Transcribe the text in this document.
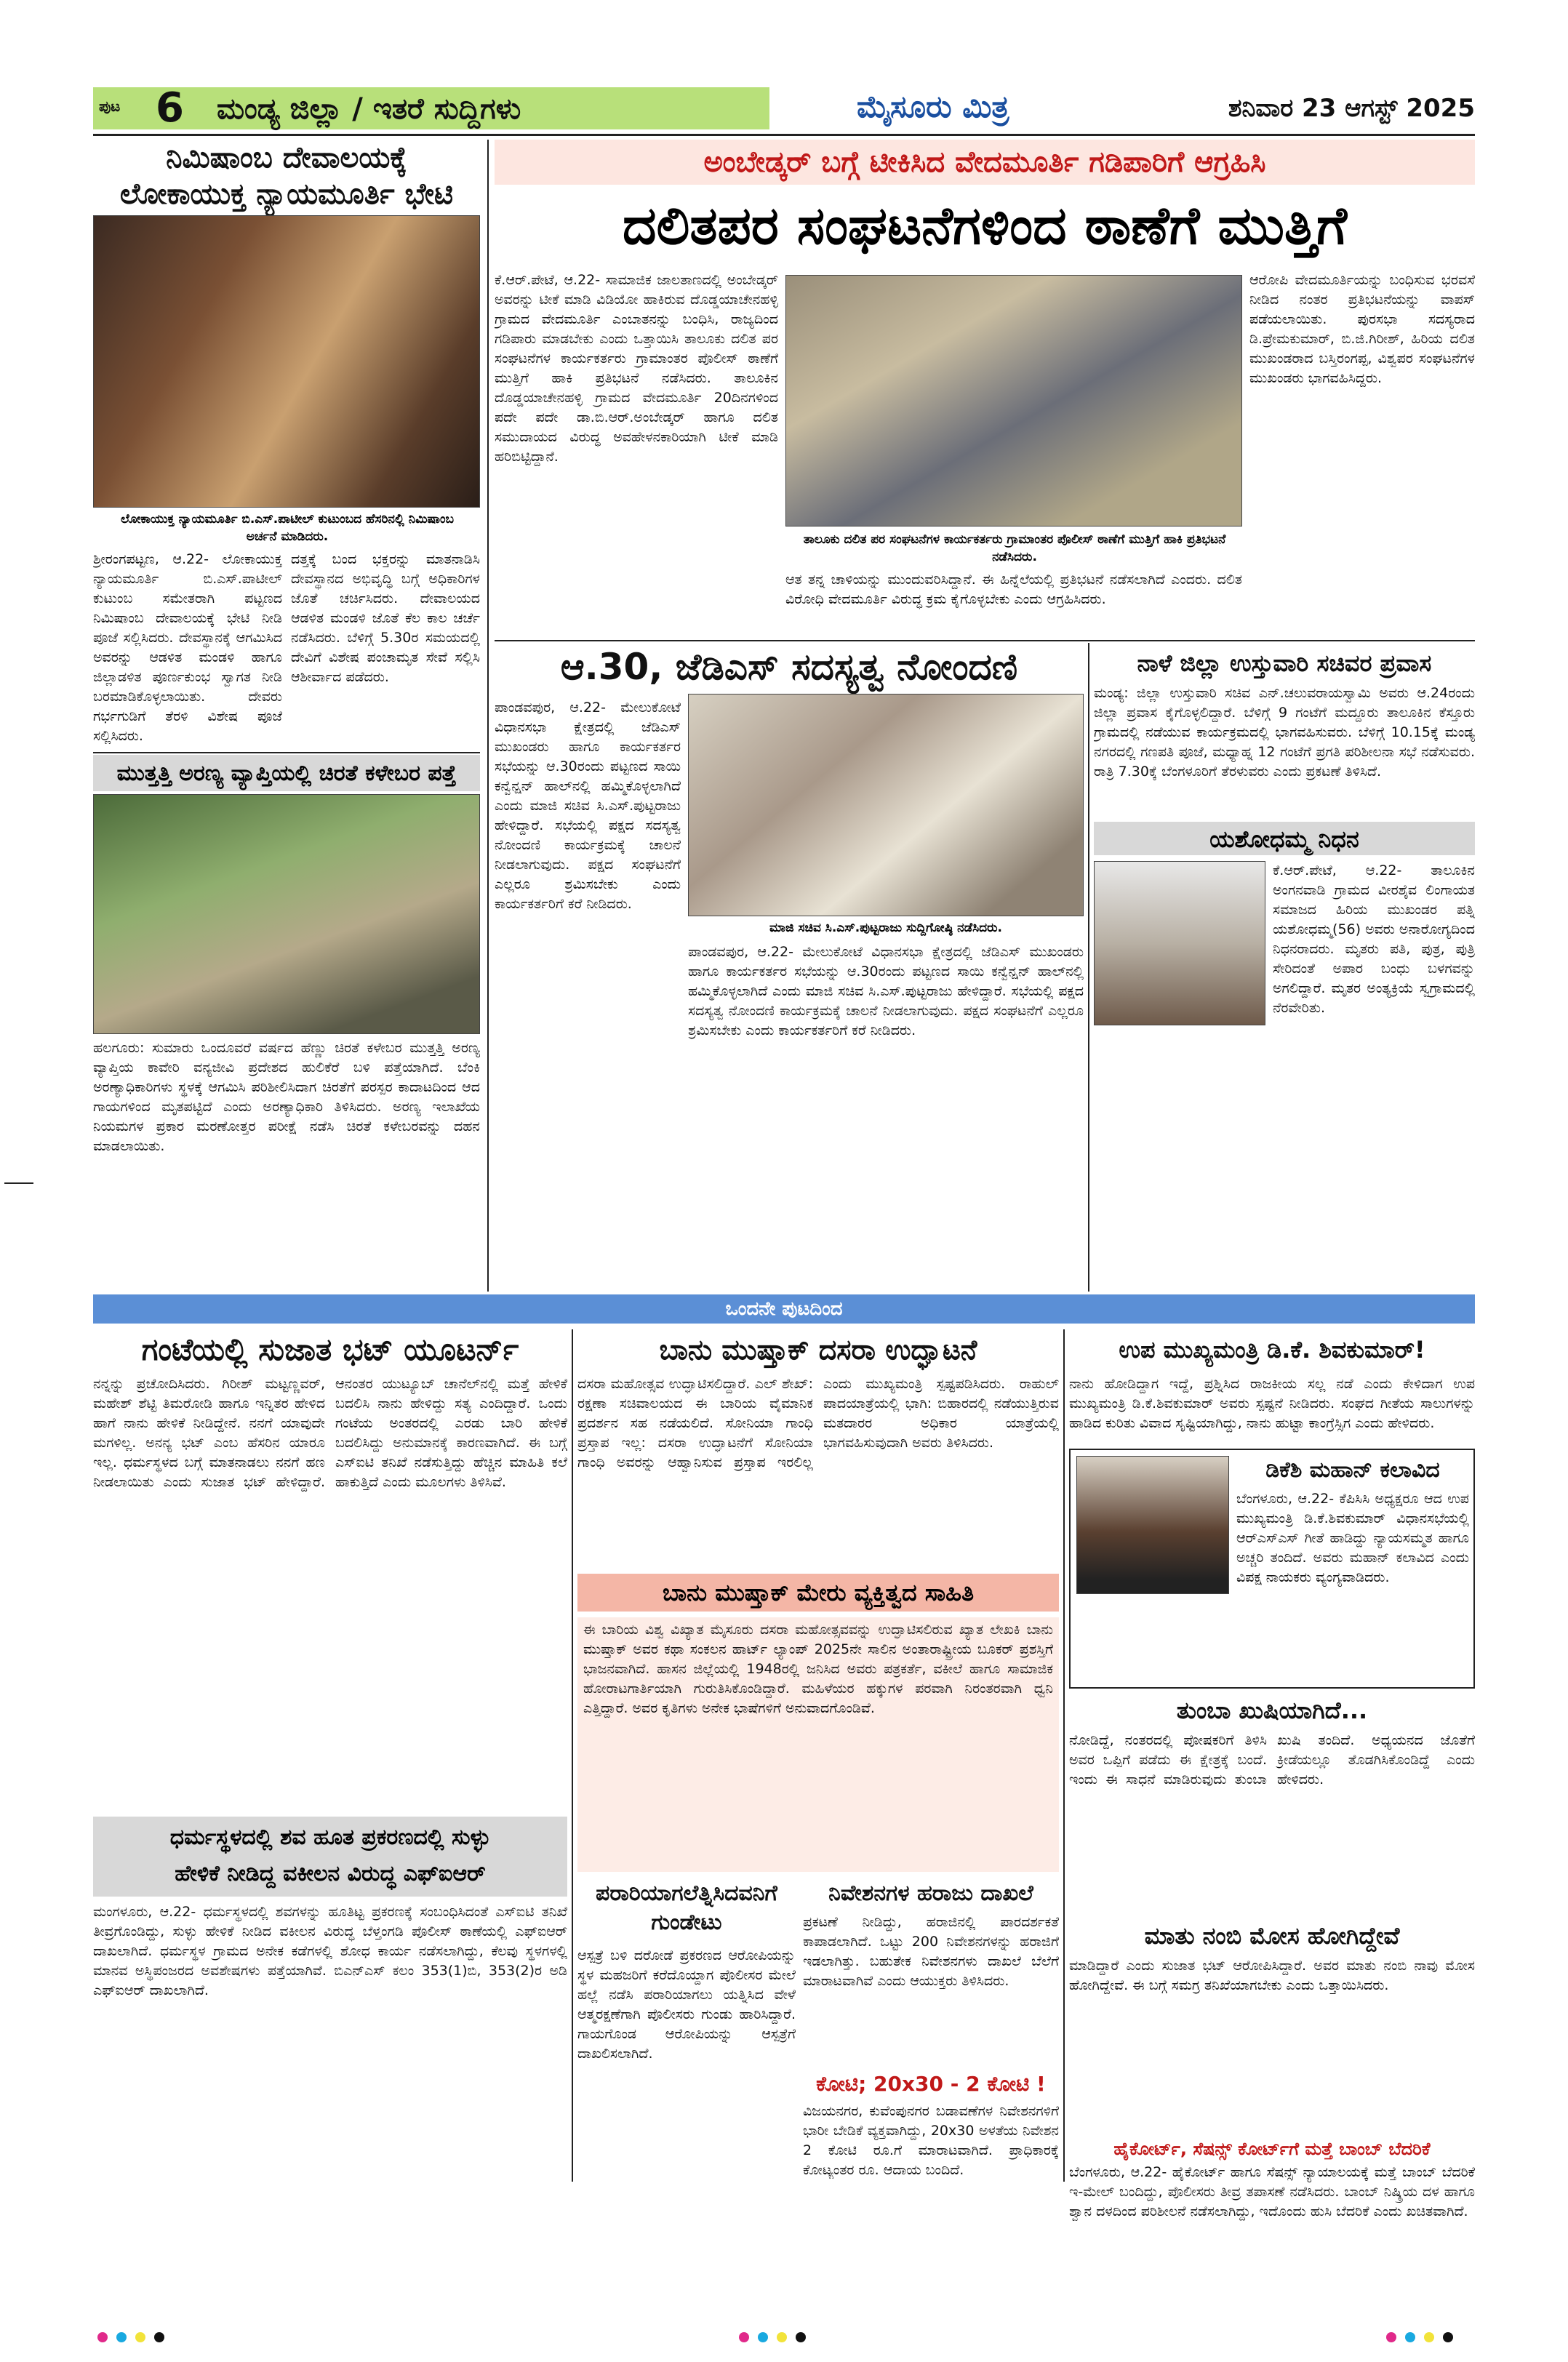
ಪುಟ 6 ಮಂಡ್ಯ ಜಿಲ್ಲಾ / ಇತರೆ ಸುದ್ದಿಗಳು	ಮೈಸೂರು ಮಿತ್ರ	ಶನಿವಾರ 23 ಆಗಸ್ಟ್ 2025
ನಿಮಿಷಾಂಬ ದೇವಾಲಯಕ್ಕೆ
ಲೋಕಾಯುಕ್ತ ನ್ಯಾಯಮೂರ್ತಿ ಭೇಟಿ
ಲೋಕಾಯುಕ್ತ ನ್ಯಾಯಮೂರ್ತಿ ಬಿ.ಎಸ್.ಪಾಟೀಲ್ ಕುಟುಂಬದ ಹೆಸರಿನಲ್ಲಿ ನಿಮಿಷಾಂಬ ಅರ್ಚನೆ ಮಾಡಿದರು.
ಶ್ರೀರಂಗಪಟ್ಟಣ, ಆ.22- ಲೋಕಾಯುಕ್ತ ನ್ಯಾಯಮೂರ್ತಿ ಬಿ.ಎಸ್.ಪಾಟೀಲ್ ಕುಟುಂಬ ಸಮೇತರಾಗಿ ಪಟ್ಟಣದ ನಿಮಿಷಾಂಬ ದೇವಾಲಯಕ್ಕೆ ಭೇಟಿ ನೀಡಿ ಪೂಜೆ ಸಲ್ಲಿಸಿದರು. ದೇವಸ್ಥಾನಕ್ಕೆ ಆಗಮಿಸಿದ ಅವರನ್ನು ಆಡಳಿತ ಮಂಡಳಿ ಹಾಗೂ ಜಿಲ್ಲಾಡಳಿತ ಪೂರ್ಣಕುಂಭ ಸ್ವಾಗತ ನೀಡಿ ಬರಮಾಡಿಕೊಳ್ಳಲಾಯಿತು. ದೇವರು ಗರ್ಭಗುಡಿಗೆ ತೆರಳಿ ವಿಶೇಷ ಪೂಜೆ ಸಲ್ಲಿಸಿದರು.
ದತ್ತಕ್ಕೆ ಬಂದ ಭಕ್ತರನ್ನು ಮಾತನಾಡಿಸಿ ದೇವಸ್ಥಾನದ ಅಭಿವೃದ್ಧಿ ಬಗ್ಗೆ ಅಧಿಕಾರಿಗಳ ಜೊತೆ ಚರ್ಚಿಸಿದರು. ದೇವಾಲಯದ ಆಡಳಿತ ಮಂಡಳಿ ಜೊತೆ ಕೆಲ ಕಾಲ ಚರ್ಚೆ ನಡೆಸಿದರು. ಬೆಳಿಗ್ಗೆ 5.30ರ ಸಮಯದಲ್ಲಿ ದೇವಿಗೆ ವಿಶೇಷ ಪಂಚಾಮೃತ ಸೇವೆ ಸಲ್ಲಿಸಿ ಆಶೀರ್ವಾದ ಪಡೆದರು.
ಮುತ್ತತ್ತಿ ಅರಣ್ಯ ವ್ಯಾಪ್ತಿಯಲ್ಲಿ ಚಿರತೆ ಕಳೇಬರ ಪತ್ತೆ
ಹಲಗೂರು: ಸುಮಾರು ಒಂದೂವರೆ ವರ್ಷದ ಹೆಣ್ಣು ಚಿರತೆ ಕಳೇಬರ ಮುತ್ತತ್ತಿ ಅರಣ್ಯ ವ್ಯಾಪ್ತಿಯ ಕಾವೇರಿ ವನ್ಯಜೀವಿ ಪ್ರದೇಶದ ಹುಲಿಕೆರೆ ಬಳಿ ಪತ್ತೆಯಾಗಿದೆ. ಬೆಂಕಿ ಅರಣ್ಯಾಧಿಕಾರಿಗಳು ಸ್ಥಳಕ್ಕೆ ಆಗಮಿಸಿ ಪರಿಶೀಲಿಸಿದಾಗ ಚಿರತೆಗೆ ಪರಸ್ಪರ ಕಾದಾಟದಿಂದ ಆದ ಗಾಯಗಳಿಂದ ಮೃತಪಟ್ಟಿದೆ ಎಂದು ಅರಣ್ಯಾಧಿಕಾರಿ ತಿಳಿಸಿದರು. ಅರಣ್ಯ ಇಲಾಖೆಯ ನಿಯಮಗಳ ಪ್ರಕಾರ ಮರಣೋತ್ತರ ಪರೀಕ್ಷೆ ನಡೆಸಿ ಚಿರತೆ ಕಳೇಬರವನ್ನು ದಹನ ಮಾಡಲಾಯಿತು.
ಅಂಬೇಡ್ಕರ್ ಬಗ್ಗೆ ಟೀಕಿಸಿದ ವೇದಮೂರ್ತಿ ಗಡಿಪಾರಿಗೆ ಆಗ್ರಹಿಸಿ
ದಲಿತಪರ ಸಂಘಟನೆಗಳಿಂದ ಠಾಣೆಗೆ ಮುತ್ತಿಗೆ
ಕೆ.ಆರ್.ಪೇಟೆ, ಆ.22- ಸಾಮಾಜಿಕ ಜಾಲತಾಣದಲ್ಲಿ ಅಂಬೇಡ್ಕರ್ ಅವರನ್ನು ಟೀಕೆ ಮಾಡಿ ವಿಡಿಯೋ ಹಾಕಿರುವ ದೊಡ್ಡಯಾಚೇನಹಳ್ಳಿ ಗ್ರಾಮದ ವೇದಮೂರ್ತಿ ಎಂಬಾತನನ್ನು ಬಂಧಿಸಿ, ರಾಜ್ಯದಿಂದ ಗಡಿಪಾರು ಮಾಡಬೇಕು ಎಂದು ಒತ್ತಾಯಿಸಿ ತಾಲೂಕು ದಲಿತ ಪರ ಸಂಘಟನೆಗಳ ಕಾರ್ಯಕರ್ತರು ಗ್ರಾಮಾಂತರ ಪೊಲೀಸ್ ಠಾಣೆಗೆ ಮುತ್ತಿಗೆ ಹಾಕಿ ಪ್ರತಿಭಟನೆ ನಡೆಸಿದರು. ತಾಲೂಕಿನ ದೊಡ್ಡಯಾಚೇನಹಳ್ಳಿ ಗ್ರಾಮದ ವೇದಮೂರ್ತಿ 20ದಿನಗಳಿಂದ ಪದೇ ಪದೇ ಡಾ.ಬಿ.ಆರ್.ಅಂಬೇಡ್ಕರ್ ಹಾಗೂ ದಲಿತ ಸಮುದಾಯದ ವಿರುದ್ಧ ಅವಹೇಳನಕಾರಿಯಾಗಿ ಟೀಕೆ ಮಾಡಿ ಹರಿಬಿಟ್ಟಿದ್ದಾನೆ.
ತಾಲೂಕು ದಲಿತ ಪರ ಸಂಘಟನೆಗಳ ಕಾರ್ಯಕರ್ತರು ಗ್ರಾಮಾಂತರ ಪೊಲೀಸ್ ಠಾಣೆಗೆ ಮುತ್ತಿಗೆ ಹಾಕಿ ಪ್ರತಿಭಟನೆ ನಡೆಸಿದರು.
ಆತ ತನ್ನ ಚಾಳಿಯನ್ನು ಮುಂದುವರಿಸಿದ್ದಾನೆ. ಈ ಹಿನ್ನೆಲೆಯಲ್ಲಿ ಪ್ರತಿಭಟನೆ ನಡೆಸಲಾಗಿದೆ ಎಂದರು. ದಲಿತ ವಿರೋಧಿ ವೇದಮೂರ್ತಿ ವಿರುದ್ಧ ಕ್ರಮ ಕೈಗೊಳ್ಳಬೇಕು ಎಂದು ಆಗ್ರಹಿಸಿದರು.
ಆರೋಪಿ ವೇದಮೂರ್ತಿಯನ್ನು ಬಂಧಿಸುವ ಭರವಸೆ ನೀಡಿದ ನಂತರ ಪ್ರತಿಭಟನೆಯನ್ನು ವಾಪಸ್ ಪಡೆಯಲಾಯಿತು. ಪುರಸಭಾ ಸದಸ್ಯರಾದ ಡಿ.ಪ್ರೇಮಕುಮಾರ್, ಬಿ.ಜಿ.ಗಿರೀಶ್, ಹಿರಿಯ ದಲಿತ ಮುಖಂಡರಾದ ಬಸ್ತಿರಂಗಪ್ಪ, ವಿಶ್ವಪರ ಸಂಘಟನೆಗಳ ಮುಖಂಡರು ಭಾಗವಹಿಸಿದ್ದರು.
ಆ.30, ಜೆಡಿಎಸ್ ಸದಸ್ಯತ್ವ ನೋಂದಣಿ
ಮಾಜಿ ಸಚಿವ ಸಿ.ಎಸ್.ಪುಟ್ಟರಾಜು ಸುದ್ದಿಗೋಷ್ಠಿ ನಡೆಸಿದರು.
ಪಾಂಡವಪುರ, ಆ.22- ಮೇಲುಕೋಟೆ ವಿಧಾನಸಭಾ ಕ್ಷೇತ್ರದಲ್ಲಿ ಜೆಡಿಎಸ್ ಮುಖಂಡರು ಹಾಗೂ ಕಾರ್ಯಕರ್ತರ ಸಭೆಯನ್ನು ಆ.30ರಂದು ಪಟ್ಟಣದ ಸಾಯಿ ಕನ್ವೆನ್ಷನ್ ಹಾಲ್‌ನಲ್ಲಿ ಹಮ್ಮಿಕೊಳ್ಳಲಾಗಿದೆ ಎಂದು ಮಾಜಿ ಸಚಿವ ಸಿ.ಎಸ್.ಪುಟ್ಟರಾಜು ಹೇಳಿದ್ದಾರೆ. ಸಭೆಯಲ್ಲಿ ಪಕ್ಷದ ಸದಸ್ಯತ್ವ ನೋಂದಣಿ ಕಾರ್ಯಕ್ರಮಕ್ಕೆ ಚಾಲನೆ ನೀಡಲಾಗುವುದು. ಪಕ್ಷದ ಸಂಘಟನೆಗೆ ಎಲ್ಲರೂ ಶ್ರಮಿಸಬೇಕು ಎಂದು ಕಾರ್ಯಕರ್ತರಿಗೆ ಕರೆ ನೀಡಿದರು.
ಪಾಂಡವಪುರ, ಆ.22- ಮೇಲುಕೋಟೆ ವಿಧಾನಸಭಾ ಕ್ಷೇತ್ರದಲ್ಲಿ ಜೆಡಿಎಸ್ ಮುಖಂಡರು ಹಾಗೂ ಕಾರ್ಯಕರ್ತರ ಸಭೆಯನ್ನು ಆ.30ರಂದು ಪಟ್ಟಣದ ಸಾಯಿ ಕನ್ವೆನ್ಷನ್ ಹಾಲ್‌ನಲ್ಲಿ ಹಮ್ಮಿಕೊಳ್ಳಲಾಗಿದೆ ಎಂದು ಮಾಜಿ ಸಚಿವ ಸಿ.ಎಸ್.ಪುಟ್ಟರಾಜು ಹೇಳಿದ್ದಾರೆ. ಸಭೆಯಲ್ಲಿ ಪಕ್ಷದ ಸದಸ್ಯತ್ವ ನೋಂದಣಿ ಕಾರ್ಯಕ್ರಮಕ್ಕೆ ಚಾಲನೆ ನೀಡಲಾಗುವುದು. ಪಕ್ಷದ ಸಂಘಟನೆಗೆ ಎಲ್ಲರೂ ಶ್ರಮಿಸಬೇಕು ಎಂದು ಕಾರ್ಯಕರ್ತರಿಗೆ ಕರೆ ನೀಡಿದರು.
ನಾಳೆ ಜಿಲ್ಲಾ ಉಸ್ತುವಾರಿ ಸಚಿವರ ಪ್ರವಾಸ
ಮಂಡ್ಯ: ಜಿಲ್ಲಾ ಉಸ್ತುವಾರಿ ಸಚಿವ ಎನ್.ಚಲುವರಾಯಸ್ವಾಮಿ ಅವರು ಆ.24ರಂದು ಜಿಲ್ಲಾ ಪ್ರವಾಸ ಕೈಗೊಳ್ಳಲಿದ್ದಾರೆ. ಬೆಳಿಗ್ಗೆ 9 ಗಂಟೆಗೆ ಮದ್ದೂರು ತಾಲೂಕಿನ ಕೆಸ್ತೂರು ಗ್ರಾಮದಲ್ಲಿ ನಡೆಯುವ ಕಾರ್ಯಕ್ರಮದಲ್ಲಿ ಭಾಗವಹಿಸುವರು. ಬೆಳಿಗ್ಗೆ 10.15ಕ್ಕೆ ಮಂಡ್ಯ ನಗರದಲ್ಲಿ ಗಣಪತಿ ಪೂಜೆ, ಮಧ್ಯಾಹ್ನ 12 ಗಂಟೆಗೆ ಪ್ರಗತಿ ಪರಿಶೀಲನಾ ಸಭೆ ನಡೆಸುವರು. ರಾತ್ರಿ 7.30ಕ್ಕೆ ಬೆಂಗಳೂರಿಗೆ ತೆರಳುವರು ಎಂದು ಪ್ರಕಟಣೆ ತಿಳಿಸಿದೆ.
ಯಶೋಧಮ್ಮ ನಿಧನ
ಕೆ.ಆರ್.ಪೇಟೆ, ಆ.22- ತಾಲೂಕಿನ ಅಂಗನವಾಡಿ ಗ್ರಾಮದ ವೀರಶೈವ ಲಿಂಗಾಯತ ಸಮಾಜದ ಹಿರಿಯ ಮುಖಂಡರ ಪತ್ನಿ ಯಶೋಧಮ್ಮ(56) ಅವರು ಅನಾರೋಗ್ಯದಿಂದ ನಿಧನರಾದರು. ಮೃತರು ಪತಿ, ಪುತ್ರ, ಪುತ್ರಿ ಸೇರಿದಂತೆ ಅಪಾರ ಬಂಧು ಬಳಗವನ್ನು ಅಗಲಿದ್ದಾರೆ. ಮೃತರ ಅಂತ್ಯಕ್ರಿಯೆ ಸ್ವಗ್ರಾಮದಲ್ಲಿ ನೆರವೇರಿತು.
ಒಂದನೇ ಪುಟದಿಂದ
ಗಂಟೆಯಲ್ಲಿ ಸುಜಾತ ಭಟ್ ಯೂಟರ್ನ್
ನನ್ನನ್ನು ಪ್ರಚೋದಿಸಿದರು. ಗಿರೀಶ್ ಮಟ್ಟಣ್ಣವರ್, ಮಹೇಶ್ ಶೆಟ್ಟಿ ತಿಮರೋಡಿ ಹಾಗೂ ಇನ್ನಿತರ ಹೇಳಿದ ಹಾಗೆ ನಾನು ಹೇಳಿಕೆ ನೀಡಿದ್ದೇನೆ. ನನಗೆ ಯಾವುದೇ ಮಗಳಿಲ್ಲ. ಅನನ್ಯ ಭಟ್ ಎಂಬ ಹೆಸರಿನ ಯಾರೂ ಇಲ್ಲ. ಧರ್ಮಸ್ಥಳದ ಬಗ್ಗೆ ಮಾತನಾಡಲು ನನಗೆ ಹಣ ನೀಡಲಾಯಿತು ಎಂದು ಸುಜಾತ ಭಟ್ ಹೇಳಿದ್ದಾರೆ. ಆನಂತರ ಯುಟ್ಯೂಬ್ ಚಾನೆಲ್‌ನಲ್ಲಿ ಮತ್ತೆ ಹೇಳಿಕೆ ಬದಲಿಸಿ ನಾನು ಹೇಳಿದ್ದು ಸತ್ಯ ಎಂದಿದ್ದಾರೆ. ಒಂದು ಗಂಟೆಯ ಅಂತರದಲ್ಲಿ ಎರಡು ಬಾರಿ ಹೇಳಿಕೆ ಬದಲಿಸಿದ್ದು ಅನುಮಾನಕ್ಕೆ ಕಾರಣವಾಗಿದೆ. ಈ ಬಗ್ಗೆ ಎಸ್‌ಐಟಿ ತನಿಖೆ ನಡೆಸುತ್ತಿದ್ದು ಹೆಚ್ಚಿನ ಮಾಹಿತಿ ಕಲೆ ಹಾಕುತ್ತಿದೆ ಎಂದು ಮೂಲಗಳು ತಿಳಿಸಿವೆ.
ಧರ್ಮಸ್ಥಳದಲ್ಲಿ ಶವ ಹೂತ ಪ್ರಕರಣದಲ್ಲಿ ಸುಳ್ಳು
ಹೇಳಿಕೆ ನೀಡಿದ್ದ ವಕೀಲನ ವಿರುದ್ಧ ಎಫ್‌ಐಆರ್
ಮಂಗಳೂರು, ಆ.22- ಧರ್ಮಸ್ಥಳದಲ್ಲಿ ಶವಗಳನ್ನು ಹೂತಿಟ್ಟ ಪ್ರಕರಣಕ್ಕೆ ಸಂಬಂಧಿಸಿದಂತೆ ಎಸ್‌ಐಟಿ ತನಿಖೆ ತೀವ್ರಗೊಂಡಿದ್ದು, ಸುಳ್ಳು ಹೇಳಿಕೆ ನೀಡಿದ ವಕೀಲನ ವಿರುದ್ಧ ಬೆಳ್ತಂಗಡಿ ಪೊಲೀಸ್ ಠಾಣೆಯಲ್ಲಿ ಎಫ್‌ಐಆರ್ ದಾಖಲಾಗಿದೆ. ಧರ್ಮಸ್ಥಳ ಗ್ರಾಮದ ಅನೇಕ ಕಡೆಗಳಲ್ಲಿ ಶೋಧ ಕಾರ್ಯ ನಡೆಸಲಾಗಿದ್ದು, ಕೆಲವು ಸ್ಥಳಗಳಲ್ಲಿ ಮಾನವ ಅಸ್ಥಿಪಂಜರದ ಅವಶೇಷಗಳು ಪತ್ತೆಯಾಗಿವೆ. ಬಿಎನ್‌ಎಸ್ ಕಲಂ 353(1)ಬಿ, 353(2)ರ ಅಡಿ ಎಫ್‌ಐಆರ್ ದಾಖಲಾಗಿದೆ.
ಬಾನು ಮುಷ್ತಾಕ್ ದಸರಾ ಉದ್ಘಾಟನೆ
ದಸರಾ ಮಹೋತ್ಸವ ಉದ್ಘಾಟಿಸಲಿದ್ದಾರೆ. ಎಲ್ ಶೇಖ್: ರಕ್ಷಣಾ ಸಚಿವಾಲಯದ ಈ ಬಾರಿಯ ವೈಮಾನಿಕ ಪ್ರದರ್ಶನ ಸಹ ನಡೆಯಲಿದೆ. ಸೋನಿಯಾ ಗಾಂಧಿ ಪ್ರಸ್ತಾಪ ಇಲ್ಲ: ದಸರಾ ಉದ್ಘಾಟನೆಗೆ ಸೋನಿಯಾ ಗಾಂಧಿ ಅವರನ್ನು ಆಹ್ವಾನಿಸುವ ಪ್ರಸ್ತಾಪ ಇರಲಿಲ್ಲ ಎಂದು ಮುಖ್ಯಮಂತ್ರಿ ಸ್ಪಷ್ಟಪಡಿಸಿದರು. ರಾಹುಲ್ ಪಾದಯಾತ್ರೆಯಲ್ಲಿ ಭಾಗಿ: ಬಿಹಾರದಲ್ಲಿ ನಡೆಯುತ್ತಿರುವ ಮತದಾರರ ಅಧಿಕಾರ ಯಾತ್ರೆಯಲ್ಲಿ ಭಾಗವಹಿಸುವುದಾಗಿ ಅವರು ತಿಳಿಸಿದರು.
ಬಾನು ಮುಷ್ತಾಕ್ ಮೇರು ವ್ಯಕ್ತಿತ್ವದ ಸಾಹಿತಿ
ಈ ಬಾರಿಯ ವಿಶ್ವ ವಿಖ್ಯಾತ ಮೈಸೂರು ದಸರಾ ಮಹೋತ್ಸವವನ್ನು ಉದ್ಘಾಟಿಸಲಿರುವ ಖ್ಯಾತ ಲೇಖಕಿ ಬಾನು ಮುಷ್ತಾಕ್ ಅವರ ಕಥಾ ಸಂಕಲನ ಹಾರ್ಟ್ ಲ್ಯಾಂಪ್ 2025ನೇ ಸಾಲಿನ ಅಂತಾರಾಷ್ಟ್ರೀಯ ಬೂಕರ್ ಪ್ರಶಸ್ತಿಗೆ ಭಾಜನವಾಗಿದೆ. ಹಾಸನ ಜಿಲ್ಲೆಯಲ್ಲಿ 1948ರಲ್ಲಿ ಜನಿಸಿದ ಅವರು ಪತ್ರಕರ್ತೆ, ವಕೀಲೆ ಹಾಗೂ ಸಾಮಾಜಿಕ ಹೋರಾಟಗಾರ್ತಿಯಾಗಿ ಗುರುತಿಸಿಕೊಂಡಿದ್ದಾರೆ. ಮಹಿಳೆಯರ ಹಕ್ಕುಗಳ ಪರವಾಗಿ ನಿರಂತರವಾಗಿ ಧ್ವನಿ ಎತ್ತಿದ್ದಾರೆ. ಅವರ ಕೃತಿಗಳು ಅನೇಕ ಭಾಷೆಗಳಿಗೆ ಅನುವಾದಗೊಂಡಿವೆ.
ಪರಾರಿಯಾಗಲೆತ್ನಿಸಿದವನಿಗೆ ಗುಂಡೇಟು
ಆಸ್ಪತ್ರೆ ಬಳಿ ದರೋಡೆ ಪ್ರಕರಣದ ಆರೋಪಿಯನ್ನು ಸ್ಥಳ ಮಹಜರಿಗೆ ಕರೆದೊಯ್ದಾಗ ಪೊಲೀಸರ ಮೇಲೆ ಹಲ್ಲೆ ನಡೆಸಿ ಪರಾರಿಯಾಗಲು ಯತ್ನಿಸಿದ ವೇಳೆ ಆತ್ಮರಕ್ಷಣೆಗಾಗಿ ಪೊಲೀಸರು ಗುಂಡು ಹಾರಿಸಿದ್ದಾರೆ. ಗಾಯಗೊಂಡ ಆರೋಪಿಯನ್ನು ಆಸ್ಪತ್ರೆಗೆ ದಾಖಲಿಸಲಾಗಿದೆ.
ನಿವೇಶನಗಳ ಹರಾಜು ದಾಖಲೆ
ಪ್ರಕಟಣೆ ನೀಡಿದ್ದು, ಹರಾಜಿನಲ್ಲಿ ಪಾರದರ್ಶಕತೆ ಕಾಪಾಡಲಾಗಿದೆ. ಒಟ್ಟು 200 ನಿವೇಶನಗಳನ್ನು ಹರಾಜಿಗೆ ಇಡಲಾಗಿತ್ತು. ಬಹುತೇಕ ನಿವೇಶನಗಳು ದಾಖಲೆ ಬೆಲೆಗೆ ಮಾರಾಟವಾಗಿವೆ ಎಂದು ಆಯುಕ್ತರು ತಿಳಿಸಿದರು.
ಕೋಟಿ; 20x30 - 2 ಕೋಟಿ !
ವಿಜಯನಗರ, ಕುವೆಂಪುನಗರ ಬಡಾವಣೆಗಳ ನಿವೇಶನಗಳಿಗೆ ಭಾರೀ ಬೇಡಿಕೆ ವ್ಯಕ್ತವಾಗಿದ್ದು, 20x30 ಅಳತೆಯ ನಿವೇಶನ 2 ಕೋಟಿ ರೂ.ಗೆ ಮಾರಾಟವಾಗಿದೆ. ಪ್ರಾಧಿಕಾರಕ್ಕೆ ಕೋಟ್ಯಂತರ ರೂ. ಆದಾಯ ಬಂದಿದೆ.
ಉಪ ಮುಖ್ಯಮಂತ್ರಿ ಡಿ.ಕೆ. ಶಿವಕುಮಾರ್!
ನಾನು ಹೋಡಿದ್ದಾಗ ಇದ್ದೆ, ಪ್ರಶ್ನಿಸಿದ ರಾಜಕೀಯ ಸಲ್ಲ ನಡೆ ಎಂದು ಕೇಳಿದಾಗ ಉಪ ಮುಖ್ಯಮಂತ್ರಿ ಡಿ.ಕೆ.ಶಿವಕುಮಾರ್ ಅವರು ಸ್ಪಷ್ಟನೆ ನೀಡಿದರು. ಸಂಘದ ಗೀತೆಯ ಸಾಲುಗಳನ್ನು ಹಾಡಿದ ಕುರಿತು ವಿವಾದ ಸೃಷ್ಟಿಯಾಗಿದ್ದು, ನಾನು ಹುಟ್ಟಾ ಕಾಂಗ್ರೆಸ್ಸಿಗ ಎಂದು ಹೇಳಿದರು.
ಡಿಕೆಶಿ ಮಹಾನ್ ಕಲಾವಿದ
ಬೆಂಗಳೂರು, ಆ.22- ಕೆಪಿಸಿಸಿ ಅಧ್ಯಕ್ಷರೂ ಆದ ಉಪ ಮುಖ್ಯಮಂತ್ರಿ ಡಿ.ಕೆ.ಶಿವಕುಮಾರ್ ವಿಧಾನಸಭೆಯಲ್ಲಿ ಆರ್‌ಎಸ್‌ಎಸ್ ಗೀತೆ ಹಾಡಿದ್ದು ನ್ಯಾಯಸಮ್ಮತ ಹಾಗೂ ಅಚ್ಚರಿ ತಂದಿದೆ. ಅವರು ಮಹಾನ್ ಕಲಾವಿದ ಎಂದು ವಿಪಕ್ಷ ನಾಯಕರು ವ್ಯಂಗ್ಯವಾಡಿದರು.
ತುಂಬಾ ಖುಷಿಯಾಗಿದೆ...
ನೋಡಿದ್ದೆ, ನಂತರದಲ್ಲಿ ಪೋಷಕರಿಗೆ ತಿಳಿಸಿ ಅವರ ಒಪ್ಪಿಗೆ ಪಡೆದು ಈ ಕ್ಷೇತ್ರಕ್ಕೆ ಬಂದೆ. ಇಂದು ಈ ಸಾಧನೆ ಮಾಡಿರುವುದು ತುಂಬಾ ಖುಷಿ ತಂದಿದೆ. ಅಧ್ಯಯನದ ಜೊತೆಗೆ ಕ್ರೀಡೆಯಲ್ಲೂ ತೊಡಗಿಸಿಕೊಂಡಿದ್ದೆ ಎಂದು ಹೇಳಿದರು.
ಮಾತು ನಂಬಿ ಮೋಸ ಹೋಗಿದ್ದೇವೆ
ಮಾಡಿದ್ದಾರೆ ಎಂದು ಸುಜಾತ ಭಟ್ ಆರೋಪಿಸಿದ್ದಾರೆ. ಅವರ ಮಾತು ನಂಬಿ ನಾವು ಮೋಸ ಹೋಗಿದ್ದೇವೆ. ಈ ಬಗ್ಗೆ ಸಮಗ್ರ ತನಿಖೆಯಾಗಬೇಕು ಎಂದು ಒತ್ತಾಯಿಸಿದರು.
ಹೈಕೋರ್ಟ್, ಸೆಷನ್ಸ್ ಕೋರ್ಟ್‌ಗೆ ಮತ್ತೆ ಬಾಂಬ್ ಬೆದರಿಕೆ
ಬೆಂಗಳೂರು, ಆ.22- ಹೈಕೋರ್ಟ್ ಹಾಗೂ ಸೆಷನ್ಸ್ ನ್ಯಾಯಾಲಯಕ್ಕೆ ಮತ್ತೆ ಬಾಂಬ್ ಬೆದರಿಕೆ ಇ-ಮೇಲ್ ಬಂದಿದ್ದು, ಪೊಲೀಸರು ತೀವ್ರ ತಪಾಸಣೆ ನಡೆಸಿದರು. ಬಾಂಬ್ ನಿಷ್ಕ್ರಿಯ ದಳ ಹಾಗೂ ಶ್ವಾನ ದಳದಿಂದ ಪರಿಶೀಲನೆ ನಡೆಸಲಾಗಿದ್ದು, ಇದೊಂದು ಹುಸಿ ಬೆದರಿಕೆ ಎಂದು ಖಚಿತವಾಗಿದೆ.
